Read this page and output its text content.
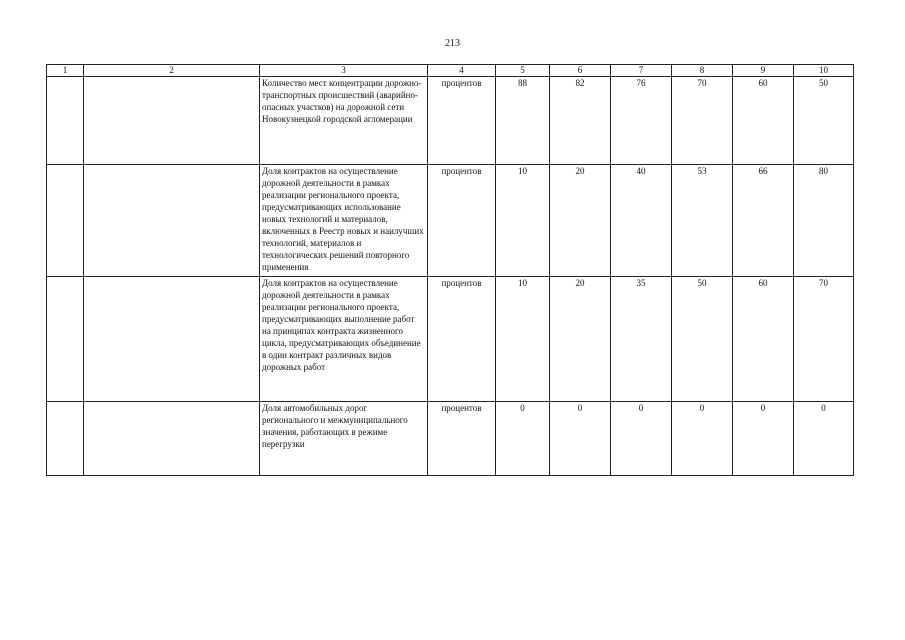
213
1	2	3	4	5	6	7	8	9	10
		Количество мест концентрации дорожно-транспортных происшествий (аварийно-опасных участков) на дорожной сети Новокузнецкой городской агломерации	процентов	88	82	76	70	60	50
		Доля контрактов на осуществление дорожной деятельности в рамках реализации регионального проекта, предусматривающих использование новых технологий и материалов, включенных в Реестр новых и наилучших технологий, материалов и технологических решений повторного применения	процентов	10	20	40	53	66	80
		Доля контрактов на осуществление дорожной деятельности в рамках реализации регионального проекта, предусматривающих выполнение работ на принципах контракта жизненного цикла, предусматривающих объединение в один контракт различных видов дорожных работ	процентов	10	20	35	50	60	70
		Доля автомобильных дорог регионального и межмуниципального значения, работающих в режиме перегрузки	процентов	0	0	0	0	0	0
